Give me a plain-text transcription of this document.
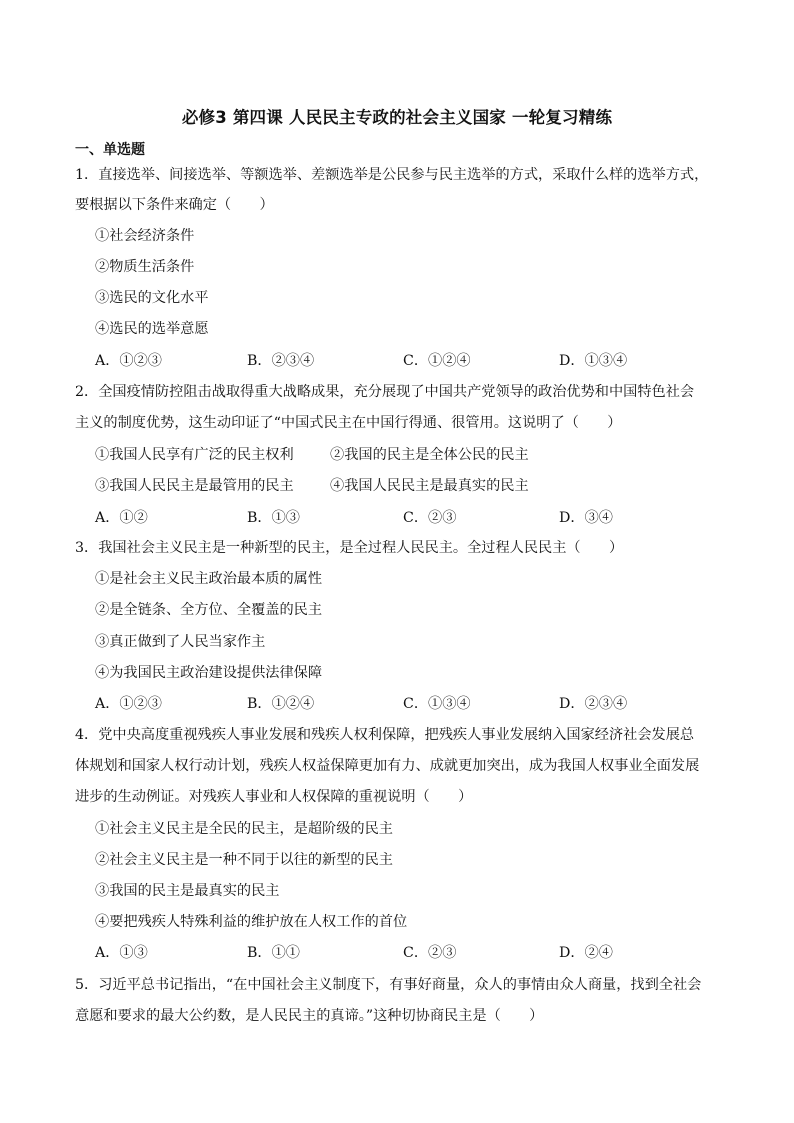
必修3 第四课 人民民主专政的社会主义国家 一轮复习精练
一、单选题
1．直接选举、间接选举、等额选举、差额选举是公民参与民主选举的方式，采取什么样的选举方式，
要根据以下条件来确定（　　）
①社会经济条件
②物质生活条件
③选民的文化水平
④选民的选举意愿
A．①②③	B．②③④	C．①②④	D．①③④
2．全国疫情防控阻击战取得重大战略成果，充分展现了中国共产党领导的政治优势和中国特色社会
主义的制度优势，这生动印证了“中国式民主在中国行得通、很管用。这说明了（　　）
①我国人民享有广泛的民主权利	②我国的民主是全体公民的民主
③我国人民民主是最管用的民主	④我国人民民主是最真实的民主
A．①②	B．①③	C．②③	D．③④
3．我国社会主义民主是一种新型的民主，是全过程人民民主。全过程人民民主（　　）
①是社会主义民主政治最本质的属性
②是全链条、全方位、全覆盖的民主
③真正做到了人民当家作主
④为我国民主政治建设提供法律保障
A．①②③	B．①②④	C．①③④	D．②③④
4．党中央高度重视残疾人事业发展和残疾人权利保障，把残疾人事业发展纳入国家经济社会发展总
体规划和国家人权行动计划，残疾人权益保障更加有力、成就更加突出，成为我国人权事业全面发展
进步的生动例证。对残疾人事业和人权保障的重视说明（　　）
①社会主义民主是全民的民主，是超阶级的民主
②社会主义民主是一种不同于以往的新型的民主
③我国的民主是最真实的民主
④要把残疾人特殊利益的维护放在人权工作的首位
A．①③	B．①①	C．②③	D．②④
5．习近平总书记指出，“在中国社会主义制度下，有事好商量，众人的事情由众人商量，找到全社会
意愿和要求的最大公约数，是人民民主的真谛。”这种切协商民主是（　　）
